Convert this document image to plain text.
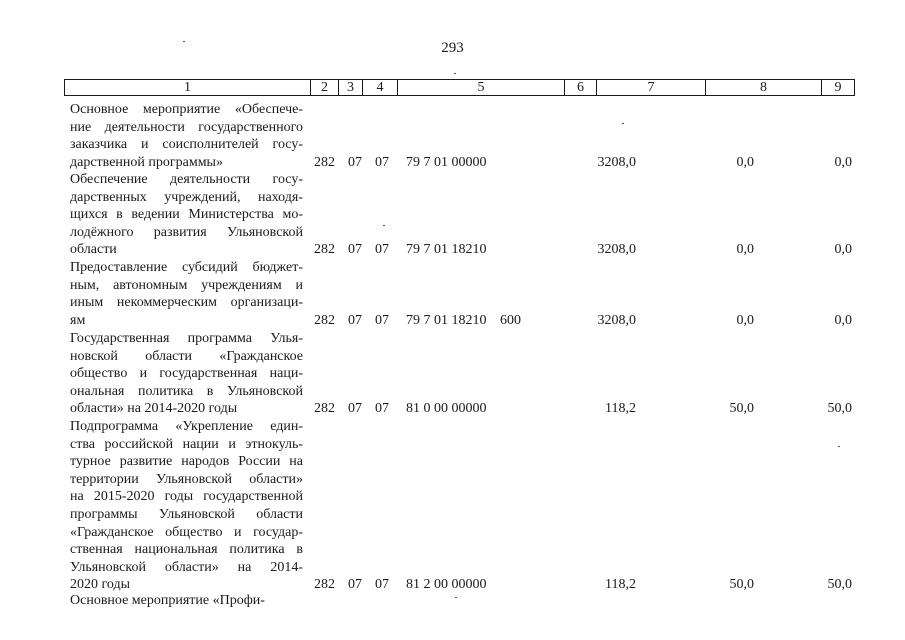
293
1	2	3	4	5	6	7	8	9
Основное мероприятие «Обеспече-
ние деятельности государственного
заказчика и соисполнителей госу-
дарственной программы»	282 07 07 79 7 01 00000	3208,0	0,0	0,0
Обеспечение деятельности госу-
дарственных учреждений, находя-
щихся в ведении Министерства мо-
лодёжного развития Ульяновской
области	282 07 07 79 7 01 18210	3208,0	0,0	0,0
Предоставление субсидий бюджет-
ным, автономным учреждениям и
иным некоммерческим организаци-
ям	282 07 07 79 7 01 18210 600	3208,0	0,0	0,0
Государственная программа Улья-
новской области «Гражданское
общество и государственная наци-
ональная политика в Ульяновской
области» на 2014-2020 годы	282 07 07 81 0 00 00000	118,2	50,0	50,0
Подпрограмма «Укрепление един-
ства российской нации и этнокуль-
турное развитие народов России на
территории Ульяновской области»
на 2015-2020 годы государственной
программы Ульяновской области
«Гражданское общество и государ-
ственная национальная политика в
Ульяновской области» на 2014-
2020 годы	282 07 07 81 2 00 00000	118,2	50,0	50,0
Основное мероприятие «Профи-
